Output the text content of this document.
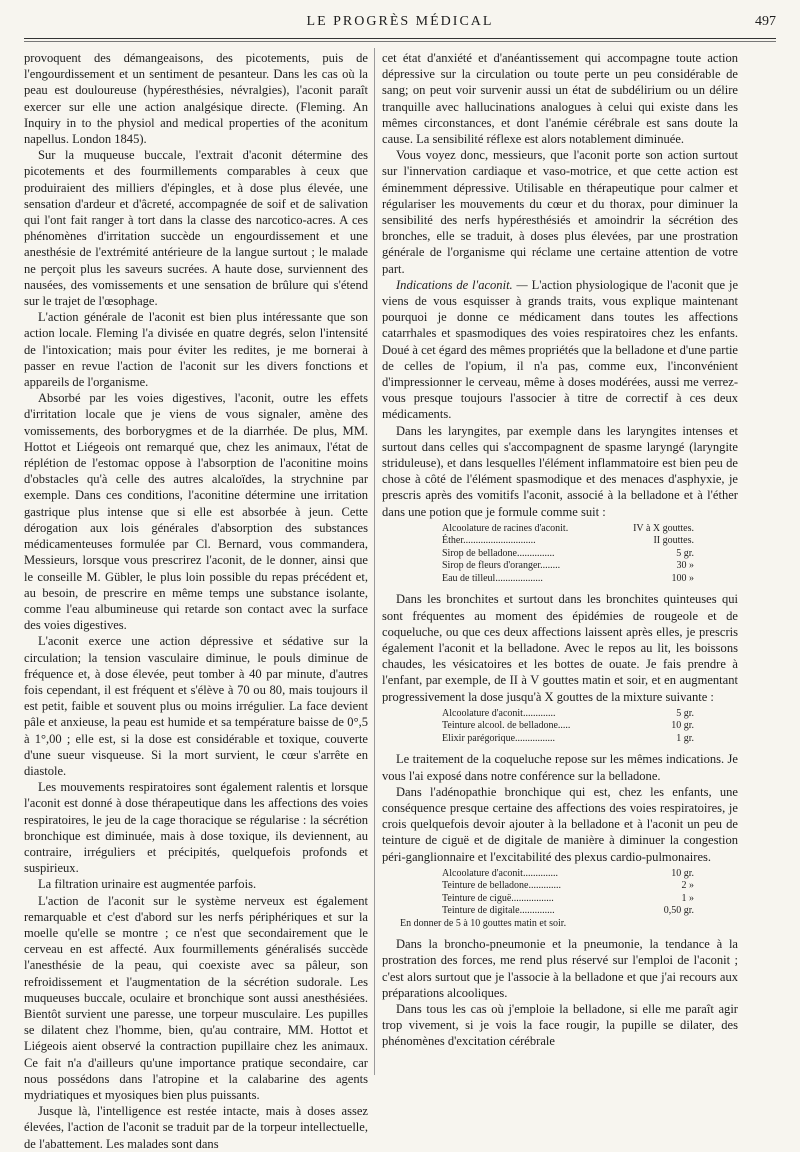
LE PROGRÈS MÉDICAL	497

provoquent des démangeaisons, des picotements, puis de l'engourdissement et un sentiment de pesanteur. Dans les cas où la peau est douloureuse (hypéresthésies, névralgies), l'aconit paraît exercer sur elle une action analgésique directe. (Fleming. An Inquiry in to the physiol and medical properties of the aconitum napellus. London 1845).

Sur la muqueuse buccale, l'extrait d'aconit détermine des picotements et des fourmillements comparables à ceux que produiraient des milliers d'épingles, et à dose plus élevée, une sensation d'ardeur et d'âcreté, accompagnée de soif et de salivation qui l'ont fait ranger à tort dans la classe des narcotico-acres. A ces phénomènes d'irritation succède un engourdissement et une anesthésie de l'extrémité antérieure de la langue surtout ; le malade ne perçoit plus les saveurs sucrées. A haute dose, surviennent des nausées, des vomissements et une sensation de brûlure qui s'étend sur le trajet de l'œsophage.

L'action générale de l'aconit est bien plus intéressante que son action locale. Fleming l'a divisée en quatre degrés, selon l'intensité de l'intoxication; mais pour éviter les redites, je me bornerai à passer en revue l'action de l'aconit sur les divers fonctions et appareils de l'organisme.

Absorbé par les voies digestives, l'aconit, outre les effets d'irritation locale que je viens de vous signaler, amène des vomissements, des borborygmes et de la diarrhée. De plus, MM. Hottot et Liégeois ont remarqué que, chez les animaux, l'état de réplétion de l'estomac oppose à l'absorption de l'aconitine moins d'obstacles qu'à celle des autres alcaloïdes, la strychnine par exemple. Dans ces conditions, l'aconitine détermine une irritation gastrique plus intense que si elle est absorbée à jeun. Cette dérogation aux lois générales d'absorption des substances médicamenteuses formulée par Cl. Bernard, vous commandera, Messieurs, lorsque vous prescrirez l'aconit, de le donner, ainsi que le conseille M. Gübler, le plus loin possible du repas précédent et, au besoin, de prescrire en même temps une substance isolante, comme l'eau albumineuse qui retarde son contact avec la surface des voies digestives.

L'aconit exerce une action dépressive et sédative sur la circulation; la tension vasculaire diminue, le pouls diminue de fréquence et, à dose élevée, peut tomber à 40 par minute, d'autres fois cependant, il est fréquent et s'élève à 70 ou 80, mais toujours il est petit, faible et souvent plus ou moins irrégulier. La face devient pâle et anxieuse, la peau est humide et sa température baisse de 0°,5 à 1°,00 ; elle est, si la dose est considérable et toxique, couverte d'une sueur visqueuse. Si la mort survient, le cœur s'arrête en diastole.

Les mouvements respiratoires sont également ralentis et lorsque l'aconit est donné à dose thérapeutique dans les affections des voies respiratoires, le jeu de la cage thoracique se régularise : la sécrétion bronchique est diminuée, mais à dose toxique, ils deviennent, au contraire, irréguliers et précipités, quelquefois profonds et suspirieux.

La filtration urinaire est augmentée parfois.

L'action de l'aconit sur le système nerveux est également remarquable et c'est d'abord sur les nerfs périphériques et sur la moelle qu'elle se montre ; ce n'est que secondairement que le cerveau en est affecté. Aux fourmillements généralisés succède l'anesthésie de la peau, qui coexiste avec sa pâleur, son refroidissement et l'augmentation de la sécrétion sudorale. Les muqueuses buccale, oculaire et bronchique sont aussi anesthésiées. Bientôt survient une paresse, une torpeur musculaire. Les pupilles se dilatent chez l'homme, bien, qu'au contraire, MM. Hottot et Liégeois aient observé la contraction pupillaire chez les animaux. Ce fait n'a d'ailleurs qu'une importance pratique secondaire, car nous possédons dans l'atropine et la calabarine des agents mydriatiques et myosiques bien plus puissants.

Jusque là, l'intelligence est restée intacte, mais à doses assez élevées, l'action de l'aconit se traduit par de la torpeur intellectuelle, de l'abattement. Les malades sont dans

cet état d'anxiété et d'anéantissement qui accompagne toute action dépressive sur la circulation ou toute perte un peu considérable de sang; on peut voir survenir aussi un état de subdélirium ou un délire tranquille avec hallucinations analogues à celui qui existe dans les mêmes circonstances, et dont l'anémie cérébrale est sans doute la cause. La sensibilité réflexe est alors notablement diminuée.

Vous voyez donc, messieurs, que l'aconit porte son action surtout sur l'innervation cardiaque et vaso-motrice, et que cette action est éminemment dépressive. Utilisable en thérapeutique pour calmer et régulariser les mouvements du cœur et du thorax, pour diminuer la sensibilité des nerfs hypéresthésiés et amoindrir la sécrétion des bronches, elle se traduit, à doses plus élevées, par une prostration générale de l'organisme qui réclame une certaine attention de votre part.

Indications de l'aconit. — L'action physiologique de l'aconit que je viens de vous esquisser à grands traits, vous explique maintenant pourquoi je donne ce médicament dans toutes les affections catarrhales et spasmodiques des voies respiratoires chez les enfants. Doué à cet égard des mêmes propriétés que la belladone et d'une partie de celles de l'opium, il n'a pas, comme eux, l'inconvénient d'impressionner le cerveau, même à doses modérées, aussi me verrez-vous presque toujours l'associer à titre de correctif à ces deux médicaments.

Dans les laryngites, par exemple dans les laryngites intenses et surtout dans celles qui s'accompagnent de spasme laryngé (laryngite striduleuse), et dans lesquelles l'élément inflammatoire est bien peu de chose à côté de l'élément spasmodique et des menaces d'asphyxie, je prescris après des vomitifs l'aconit, associé à la belladone et à l'éther dans une potion que je formule comme suit :

Alcoolature de racines d'aconit.	IV à X gouttes.
Éther.............................	II gouttes.
Sirop de belladone...............	5 gr.
Sirop de fleurs d'oranger........	30 »
Eau de tilleul...................	100 »

Dans les bronchites et surtout dans les bronchites quinteuses qui sont fréquentes au moment des épidémies de rougeole et de coqueluche, ou que ces deux affections laissent après elles, je prescris également l'aconit et la belladone. Avec le repos au lit, les boissons chaudes, les vésicatoires et les bottes de ouate. Je fais prendre à l'enfant, par exemple, de II à V gouttes matin et soir, et en augmentant progressivement la dose jusqu'à X gouttes de la mixture suivante :

Alcoolature d'aconit.............	5 gr.
Teinture alcool. de belladone.....	10 gr.
Elixir parégorique................	1 gr.

Le traitement de la coqueluche repose sur les mêmes indications. Je vous l'ai exposé dans notre conférence sur la belladone.

Dans l'adénopathie bronchique qui est, chez les enfants, une conséquence presque certaine des affections des voies respiratoires, je crois quelquefois devoir ajouter à la belladone et à l'aconit un peu de teinture de ciguë et de digitale de manière à diminuer la congestion péri-ganglionnaire et l'excitabilité des plexus cardio-pulmonaires.

Alcoolature d'aconit..............	10 gr.
Teinture de belladone.............	2 »
Teinture de ciguë.................	1 »
Teinture de digitale..............	0,50 gr.
En donner de 5 à 10 gouttes matin et soir.

Dans la broncho-pneumonie et la pneumonie, la tendance à la prostration des forces, me rend plus réservé sur l'emploi de l'aconit ; c'est alors surtout que je l'associe à la belladone et que j'ai recours aux préparations alcooliques.

Dans tous les cas où j'emploie la belladone, si elle me paraît agir trop vivement, si je vois la face rougir, la pupille se dilater, des phénomènes d'excitation cérébrale
